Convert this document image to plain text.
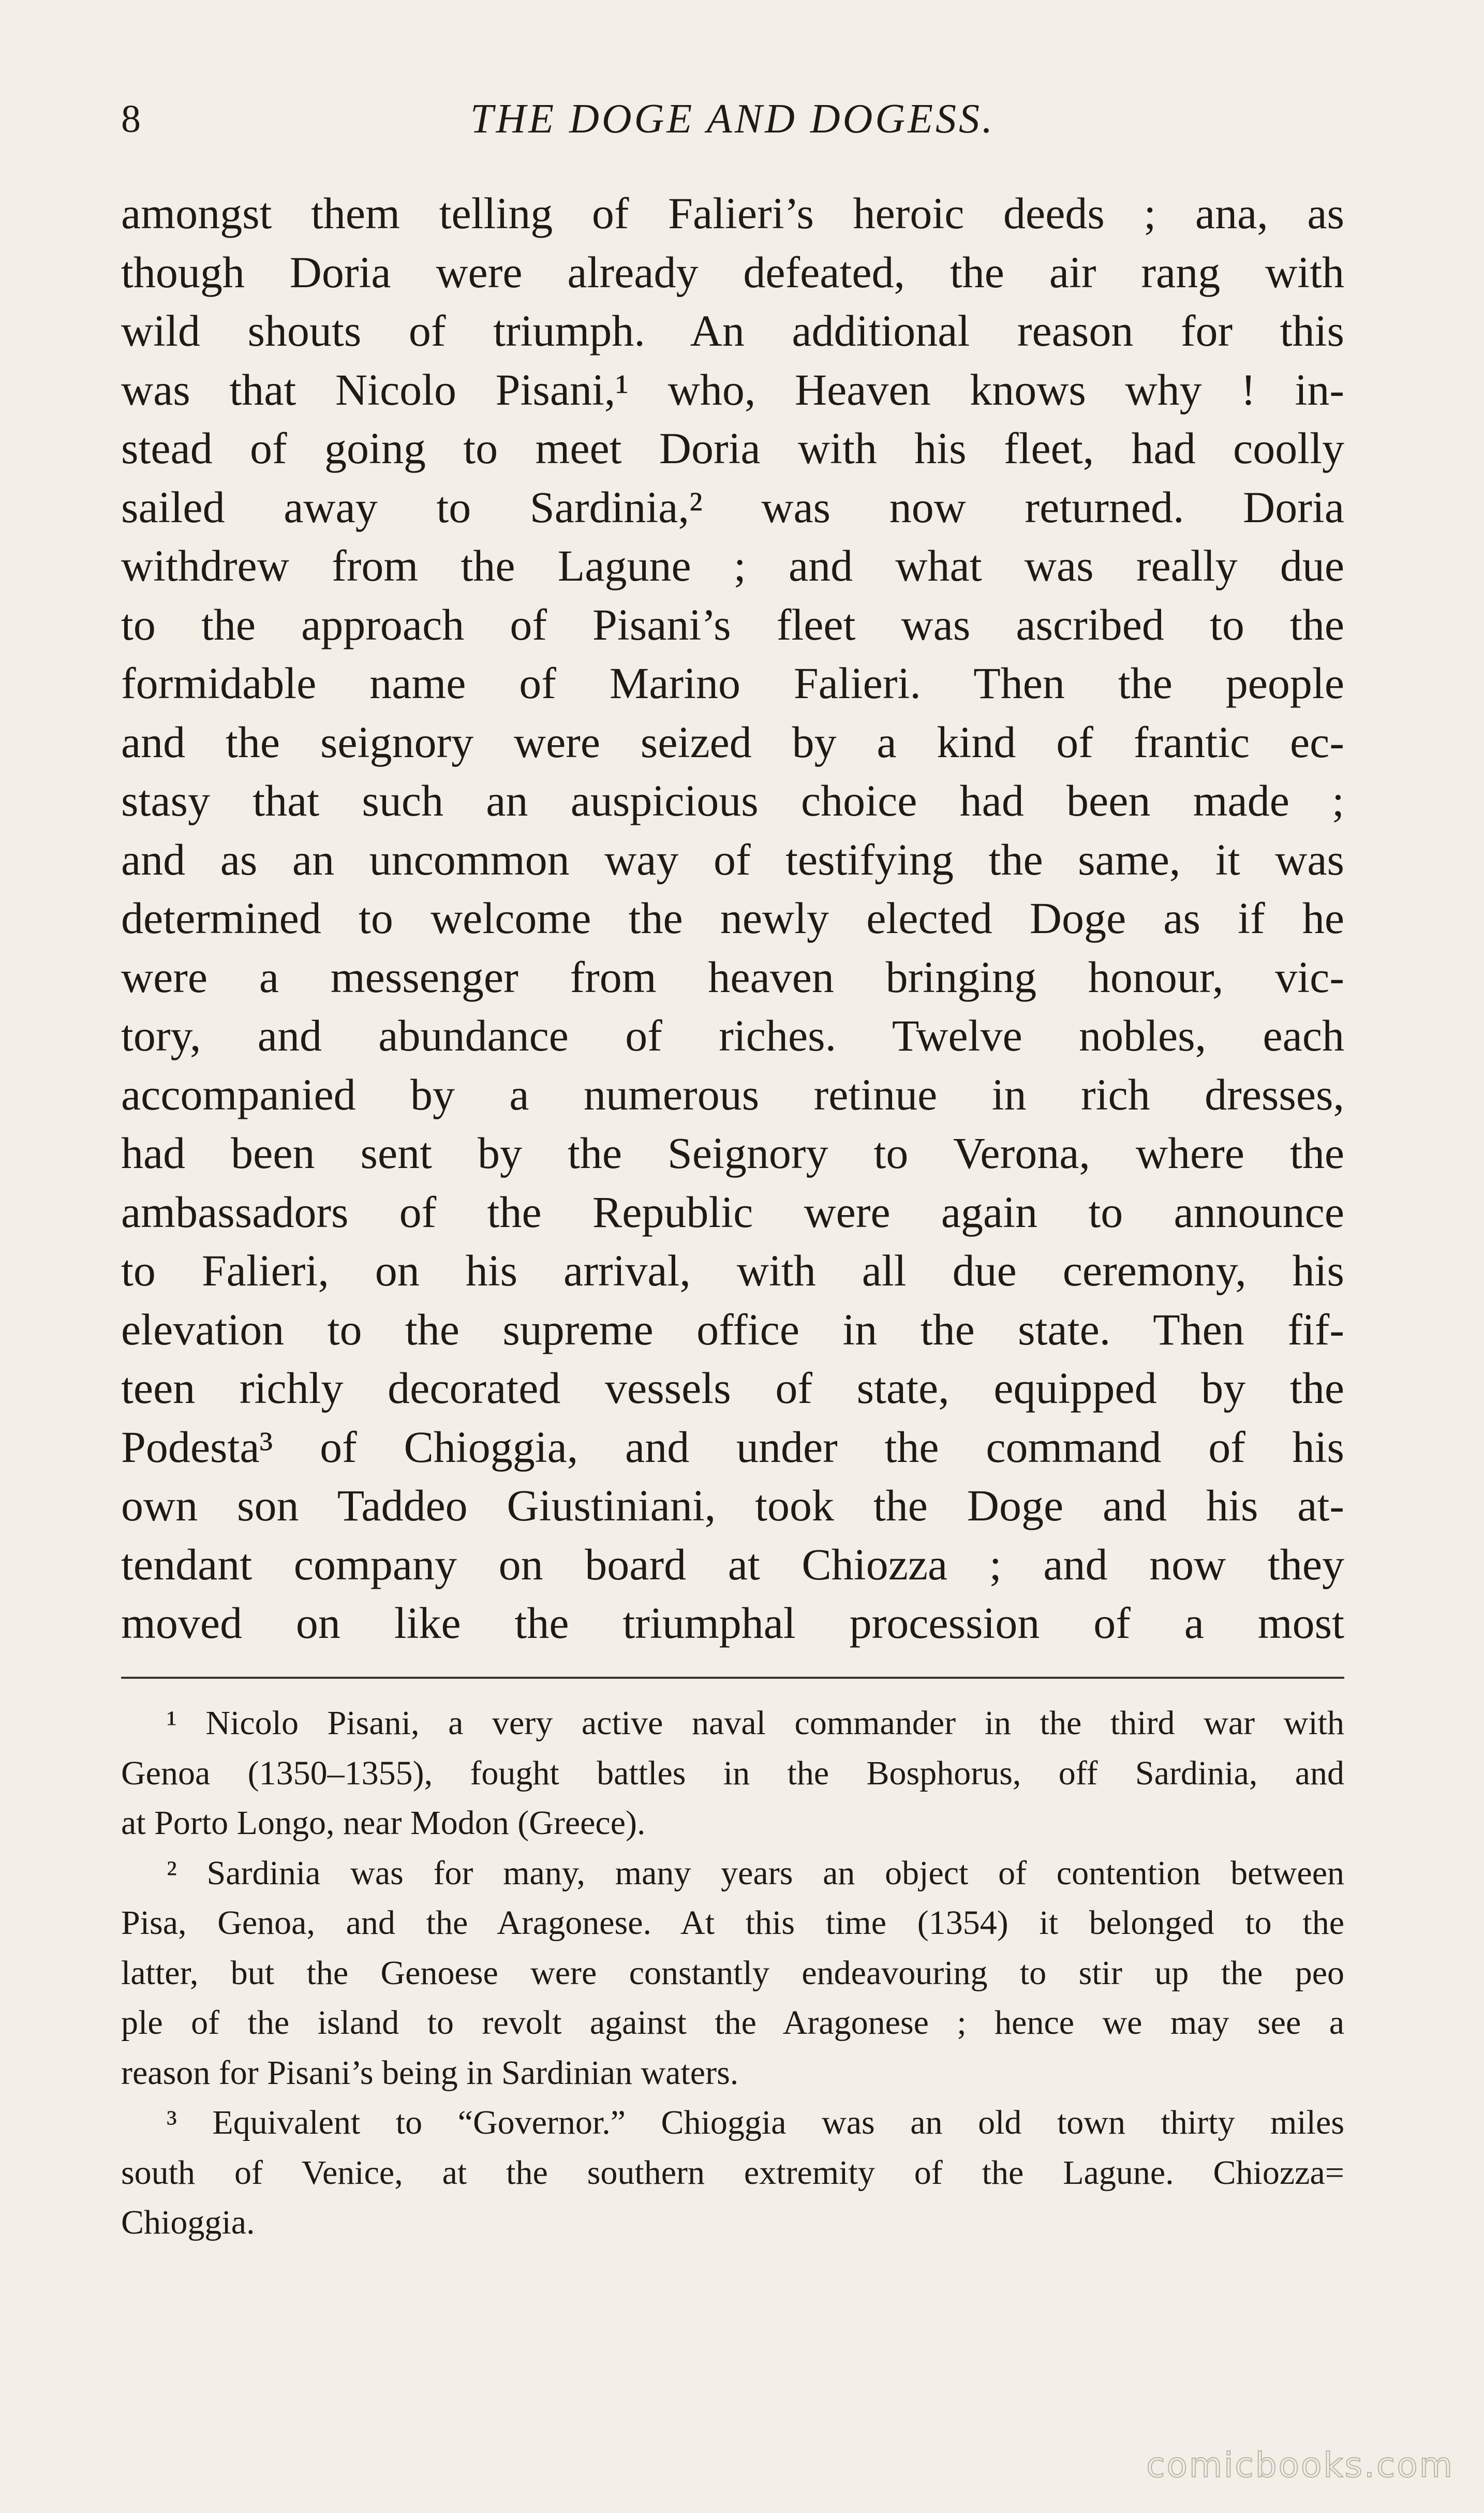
8	THE DOGE AND DOGESS.
amongst them telling of Falieri’s heroic deeds ; ana, as
though Doria were already defeated, the air rang with
wild shouts of triumph. An additional reason for this
was that Nicolo Pisani,¹ who, Heaven knows why ! in-
stead of going to meet Doria with his fleet, had coolly
sailed away to Sardinia,² was now returned. Doria
withdrew from the Lagune ; and what was really due
to the approach of Pisani’s fleet was ascribed to the
formidable name of Marino Falieri. Then the people
and the seignory were seized by a kind of frantic ec-
stasy that such an auspicious choice had been made ;
and as an uncommon way of testifying the same, it was
determined to welcome the newly elected Doge as if he
were a messenger from heaven bringing honour, vic-
tory, and abundance of riches. Twelve nobles, each
accompanied by a numerous retinue in rich dresses,
had been sent by the Seignory to Verona, where the
ambassadors of the Republic were again to announce
to Falieri, on his arrival, with all due ceremony, his
elevation to the supreme office in the state. Then fif-
teen richly decorated vessels of state, equipped by the
Podesta³ of Chioggia, and under the command of his
own son Taddeo Giustiniani, took the Doge and his at-
tendant company on board at Chiozza ; and now they
moved on like the triumphal procession of a most
¹ Nicolo Pisani, a very active naval commander in the third war with
Genoa (1350–1355), fought battles in the Bosphorus, off Sardinia, and
at Porto Longo, near Modon (Greece).
² Sardinia was for many, many years an object of contention between
Pisa, Genoa, and the Aragonese. At this time (1354) it belonged to the
latter, but the Genoese were constantly endeavouring to stir up the peo
ple of the island to revolt against the Aragonese ; hence we may see a
reason for Pisani’s being in Sardinian waters.
³ Equivalent to “Governor.” Chioggia was an old town thirty miles
south of Venice, at the southern extremity of the Lagune. Chiozza=
Chioggia.
comicbooks.com
